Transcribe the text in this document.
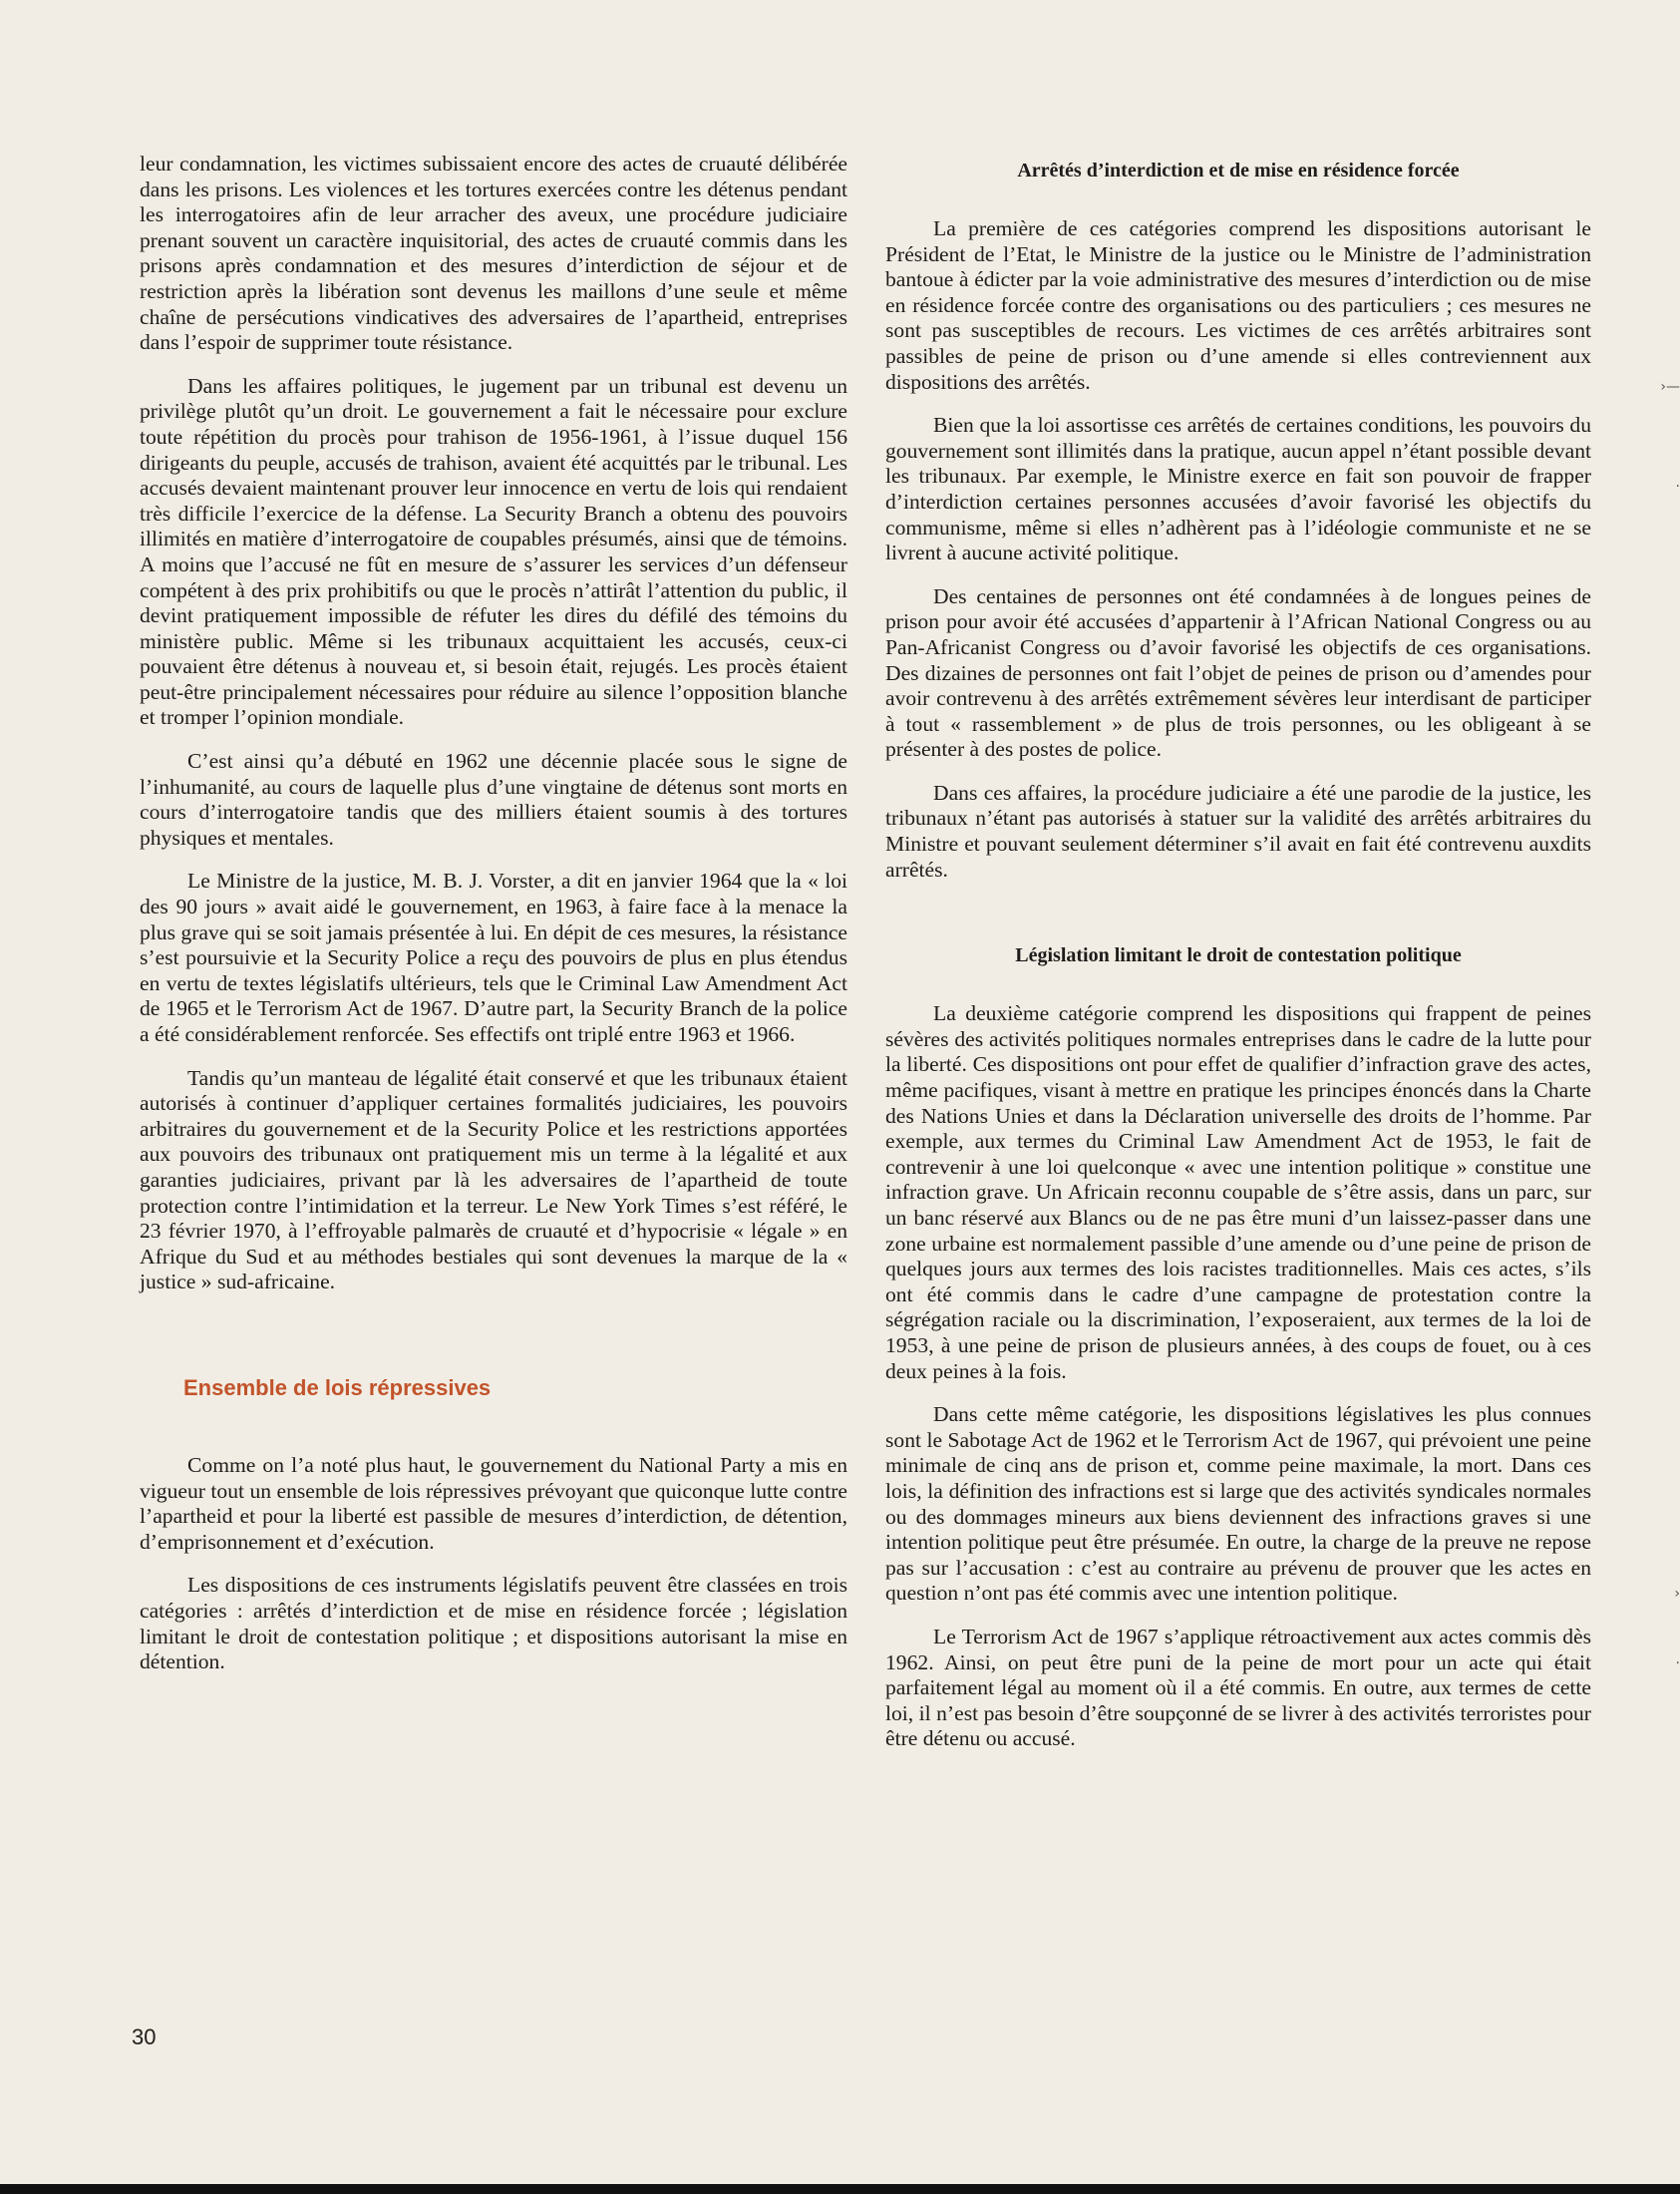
leur condamnation, les victimes subissaient encore des actes de cruauté délibérée dans les prisons. Les violences et les tortures exercées contre les détenus pendant les interrogatoires afin de leur arracher des aveux, une procédure judiciaire prenant souvent un caractère inquisitorial, des actes de cruauté commis dans les prisons après condamnation et des mesures d’interdiction de séjour et de restriction après la libération sont devenus les maillons d’une seule et même chaîne de persécutions vindicatives des adversaires de l’apartheid, entreprises dans l’espoir de supprimer toute résistance.

Dans les affaires politiques, le jugement par un tribunal est devenu un privilège plutôt qu’un droit. Le gouvernement a fait le nécessaire pour exclure toute répétition du procès pour trahison de 1956-1961, à l’issue duquel 156 dirigeants du peuple, accusés de trahison, avaient été acquittés par le tribunal. Les accusés devaient maintenant prouver leur innocence en vertu de lois qui rendaient très difficile l’exercice de la défense. La Security Branch a obtenu des pouvoirs illimités en matière d’interrogatoire de coupables présumés, ainsi que de témoins. A moins que l’accusé ne fût en mesure de s’assurer les services d’un défenseur compétent à des prix prohibitifs ou que le procès n’attirât l’attention du public, il devint pratiquement impossible de réfuter les dires du défilé des témoins du ministère public. Même si les tribunaux acquittaient les accusés, ceux-ci pouvaient être détenus à nouveau et, si besoin était, rejugés. Les procès étaient peut-être principalement nécessaires pour réduire au silence l’opposition blanche et tromper l’opinion mondiale.

C’est ainsi qu’a débuté en 1962 une décennie placée sous le signe de l’inhumanité, au cours de laquelle plus d’une vingtaine de détenus sont morts en cours d’interrogatoire tandis que des milliers étaient soumis à des tortures physiques et mentales.

Le Ministre de la justice, M. B. J. Vorster, a dit en janvier 1964 que la « loi des 90 jours » avait aidé le gouvernement, en 1963, à faire face à la menace la plus grave qui se soit jamais présentée à lui. En dépit de ces mesures, la résistance s’est poursuivie et la Security Police a reçu des pouvoirs de plus en plus étendus en vertu de textes législatifs ultérieurs, tels que le Criminal Law Amendment Act de 1965 et le Terrorism Act de 1967. D’autre part, la Security Branch de la police a été considérablement renforcée. Ses effectifs ont triplé entre 1963 et 1966.

Tandis qu’un manteau de légalité était conservé et que les tribunaux étaient autorisés à continuer d’appliquer certaines formalités judiciaires, les pouvoirs arbitraires du gouvernement et de la Security Police et les restrictions apportées aux pouvoirs des tribunaux ont pratiquement mis un terme à la légalité et aux garanties judiciaires, privant par là les adversaires de l’apartheid de toute protection contre l’intimidation et la terreur. Le New York Times s’est référé, le 23 février 1970, à l’effroyable palmarès de cruauté et d’hypocrisie « légale » en Afrique du Sud et au méthodes bestiales qui sont devenues la marque de la « justice » sud-africaine.

Ensemble de lois répressives

Comme on l’a noté plus haut, le gouvernement du National Party a mis en vigueur tout un ensemble de lois répressives prévoyant que quiconque lutte contre l’apartheid et pour la liberté est passible de mesures d’interdiction, de détention, d’emprisonnement et d’exécution.

Les dispositions de ces instruments législatifs peuvent être classées en trois catégories : arrêtés d’interdiction et de mise en résidence forcée ; législation limitant le droit de contestation politique ; et dispositions autorisant la mise en détention.

Arrêtés d’interdiction et de mise en résidence forcée

La première de ces catégories comprend les dispositions autorisant le Président de l’Etat, le Ministre de la justice ou le Ministre de l’administration bantoue à édicter par la voie administrative des mesures d’interdiction ou de mise en résidence forcée contre des organisations ou des particuliers ; ces mesures ne sont pas susceptibles de recours. Les victimes de ces arrêtés arbitraires sont passibles de peine de prison ou d’une amende si elles contreviennent aux dispositions des arrêtés.

Bien que la loi assortisse ces arrêtés de certaines conditions, les pouvoirs du gouvernement sont illimités dans la pratique, aucun appel n’étant possible devant les tribunaux. Par exemple, le Ministre exerce en fait son pouvoir de frapper d’interdiction certaines personnes accusées d’avoir favorisé les objectifs du communisme, même si elles n’adhèrent pas à l’idéologie communiste et ne se livrent à aucune activité politique.

Des centaines de personnes ont été condamnées à de longues peines de prison pour avoir été accusées d’appartenir à l’African National Congress ou au Pan-Africanist Congress ou d’avoir favorisé les objectifs de ces organisations. Des dizaines de personnes ont fait l’objet de peines de prison ou d’amendes pour avoir contrevenu à des arrêtés extrêmement sévères leur interdisant de participer à tout « rassemblement » de plus de trois personnes, ou les obligeant à se présenter à des postes de police.

Dans ces affaires, la procédure judiciaire a été une parodie de la justice, les tribunaux n’étant pas autorisés à statuer sur la validité des arrêtés arbitraires du Ministre et pouvant seulement déterminer s’il avait en fait été contrevenu auxdits arrêtés.

Législation limitant le droit de contestation politique

La deuxième catégorie comprend les dispositions qui frappent de peines sévères des activités politiques normales entreprises dans le cadre de la lutte pour la liberté. Ces dispositions ont pour effet de qualifier d’infraction grave des actes, même pacifiques, visant à mettre en pratique les principes énoncés dans la Charte des Nations Unies et dans la Déclaration universelle des droits de l’homme. Par exemple, aux termes du Criminal Law Amendment Act de 1953, le fait de contrevenir à une loi quelconque « avec une intention politique » constitue une infraction grave. Un Africain reconnu coupable de s’être assis, dans un parc, sur un banc réservé aux Blancs ou de ne pas être muni d’un laissez-passer dans une zone urbaine est normalement passible d’une amende ou d’une peine de prison de quelques jours aux termes des lois racistes traditionnelles. Mais ces actes, s’ils ont été commis dans le cadre d’une campagne de protestation contre la ségrégation raciale ou la discrimination, l’exposeraient, aux termes de la loi de 1953, à une peine de prison de plusieurs années, à des coups de fouet, ou à ces deux peines à la fois.

Dans cette même catégorie, les dispositions législatives les plus connues sont le Sabotage Act de 1962 et le Terrorism Act de 1967, qui prévoient une peine minimale de cinq ans de prison et, comme peine maximale, la mort. Dans ces lois, la définition des infractions est si large que des activités syndicales normales ou des dommages mineurs aux biens deviennent des infractions graves si une intention politique peut être présumée. En outre, la charge de la preuve ne repose pas sur l’accusation : c’est au contraire au prévenu de prouver que les actes en question n’ont pas été commis avec une intention politique.

Le Terrorism Act de 1967 s’applique rétroactivement aux actes commis dès 1962. Ainsi, on peut être puni de la peine de mort pour un acte qui était parfaitement légal au moment où il a été commis. En outre, aux termes de cette loi, il n’est pas besoin d’être soupçonné de se livrer à des activités terroristes pour être détenu ou accusé.

30
›—
·
›
·
